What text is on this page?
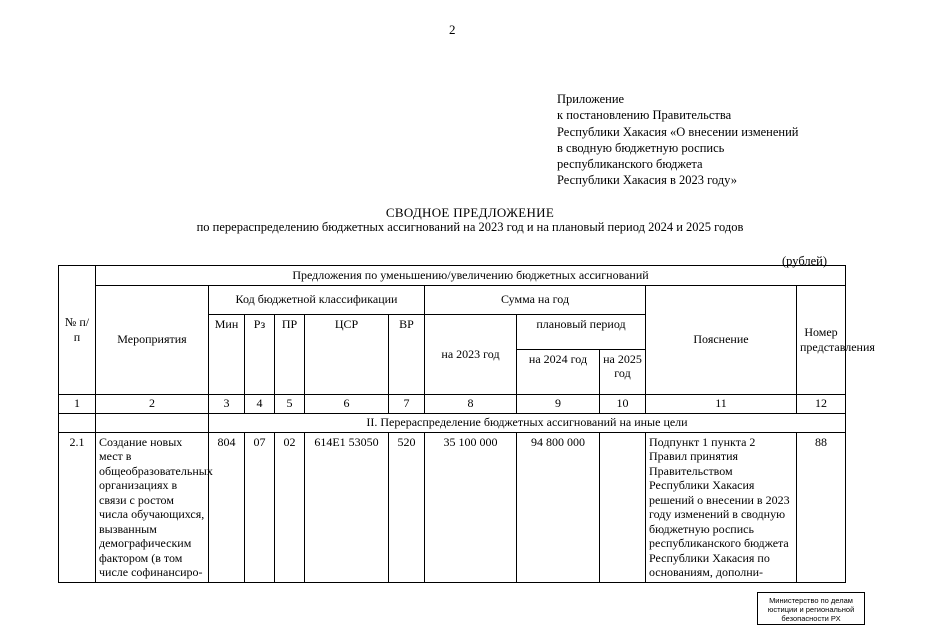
2
Приложение
к постановлению Правительства
Республики Хакасия «О внесении изменений
в сводную бюджетную роспись
республиканского бюджета
Республики Хакасия в 2023 году»
СВОДНОЕ ПРЕДЛОЖЕНИЕ
по перераспределению бюджетных ассигнований на 2023 год и на плановый период 2024 и 2025 годов
(рублей)
№ п/п	Предложения по уменьшению/увеличению бюджетных ассигнований										
	Мероприятия	Код бюджетной классификации					Сумма на год			Пояснение	Номер представления
		Мин	Рз	ПР	ЦСР	ВР	на 2023 год	плановый период			
								на 2024 год	на 2025 год		
1	2	3	4	5	6	7	8	9	10	11	12
		II. Перераспределение бюджетных ассигнований на иные цели									
2.1	Создание новых мест в общеобразовательных организациях в связи с ростом числа обучающихся, вызванным демографическим фактором (в том числе софинансиро-	804	07	02	614Е1 53050	520	35 100 000	94 800 000		Подпункт 1 пункта 2 Правил принятия Правительством Республики Хакасия решений о внесении в 2023 году изменений в сводную бюджетную роспись республиканского бюджета Республики Хакасия по основаниям, дополни-	88
Министерство по делам
юстиции и региональной
безопасности РХ
